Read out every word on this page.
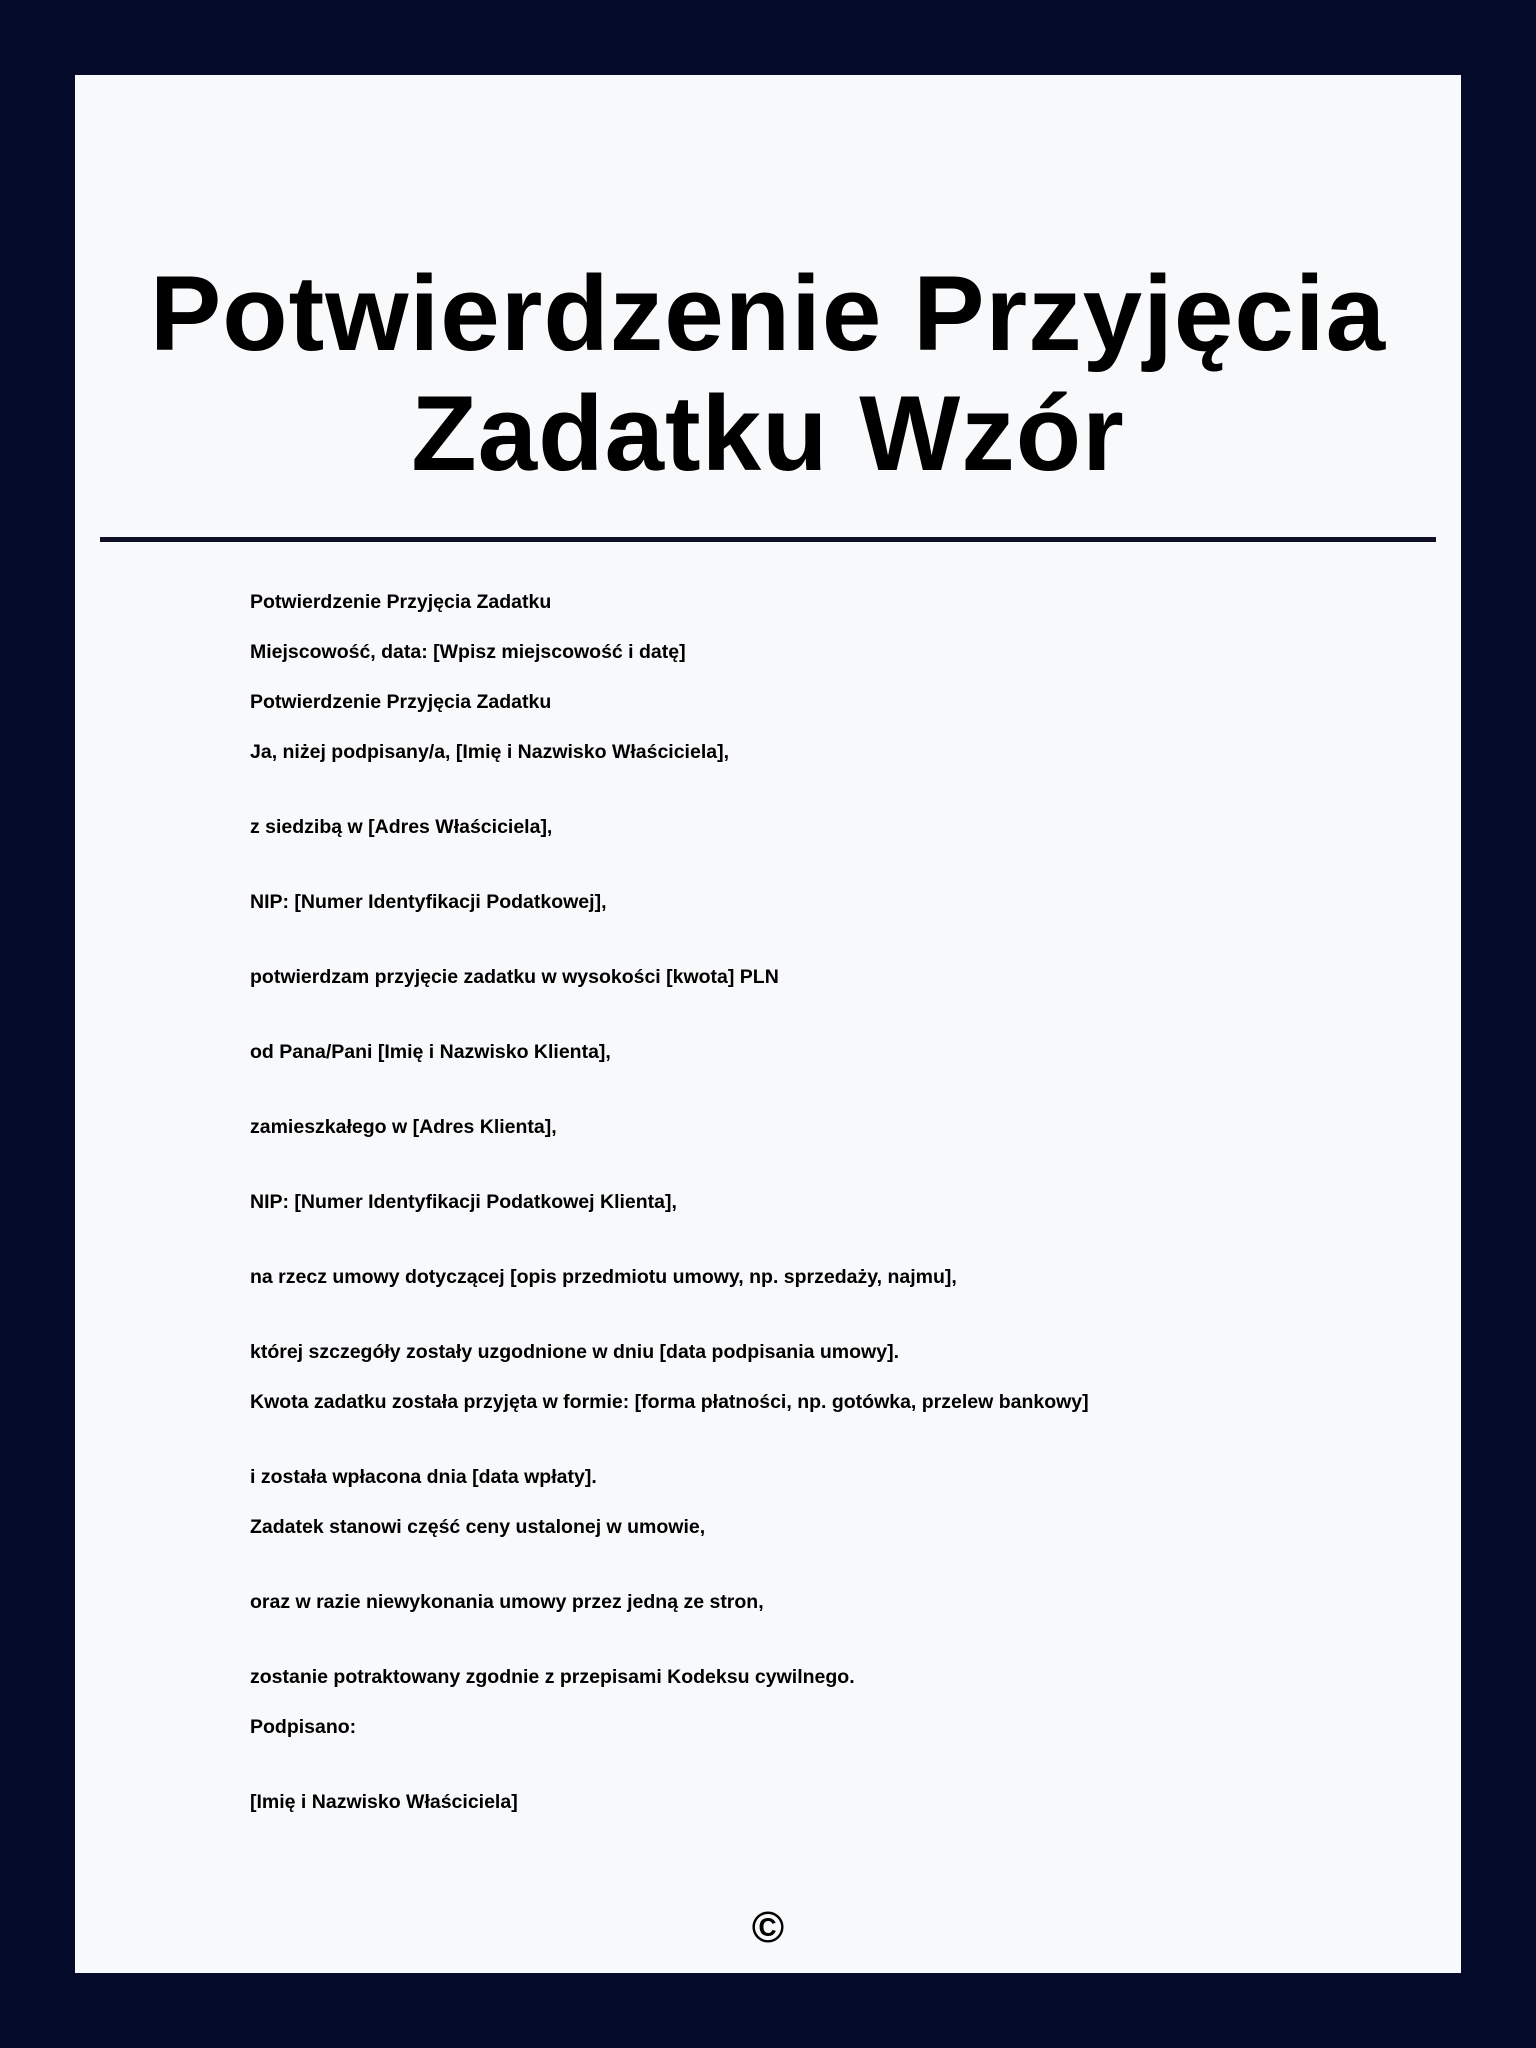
Potwierdzenie Przyjęcia
Zadatku Wzór
Potwierdzenie Przyjęcia Zadatku
Miejscowość, data: [Wpisz miejscowość i datę]
Potwierdzenie Przyjęcia Zadatku
Ja, niżej podpisany/a, [Imię i Nazwisko Właściciela],
z siedzibą w [Adres Właściciela],
NIP: [Numer Identyfikacji Podatkowej],
potwierdzam przyjęcie zadatku w wysokości [kwota] PLN
od Pana/Pani [Imię i Nazwisko Klienta],
zamieszkałego w [Adres Klienta],
NIP: [Numer Identyfikacji Podatkowej Klienta],
na rzecz umowy dotyczącej [opis przedmiotu umowy, np. sprzedaży, najmu],
której szczegóły zostały uzgodnione w dniu [data podpisania umowy].
Kwota zadatku została przyjęta w formie: [forma płatności, np. gotówka, przelew bankowy]
i została wpłacona dnia [data wpłaty].
Zadatek stanowi część ceny ustalonej w umowie,
oraz w razie niewykonania umowy przez jedną ze stron,
zostanie potraktowany zgodnie z przepisami Kodeksu cywilnego.
Podpisano:
[Imię i Nazwisko Właściciela]
©
